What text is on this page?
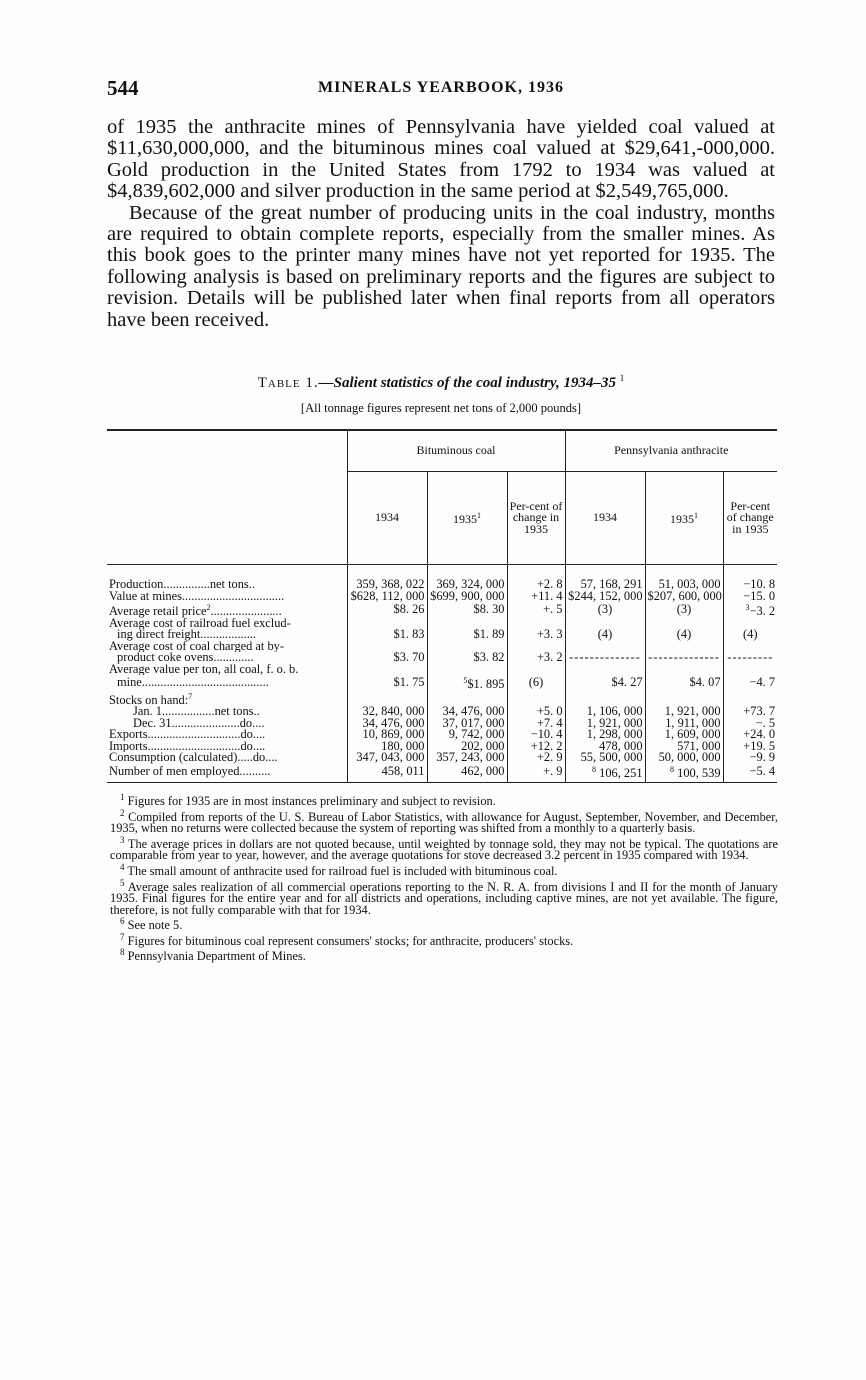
544	MINERALS YEARBOOK, 1936

of 1935 the anthracite mines of Pennsylvania have yielded coal valued at $11,630,000,000, and the bituminous mines coal valued at $29,641,-000,000. Gold production in the United States from 1792 to 1934 was valued at $4,839,602,000 and silver production in the same period at $2,549,765,000.

Because of the great number of producing units in the coal industry, months are required to obtain complete reports, especially from the smaller mines. As this book goes to the printer many mines have not yet reported for 1935. The following analysis is based on preliminary reports and the figures are subject to revision. Details will be published later when final reports from all operators have been received.

Table 1.—Salient statistics of the coal industry, 1934–35 $^1$
[All tonnage figures represent net tons of 2,000 pounds]
	Bituminous coal			Pennsylvania anthracite		
	1934	1935$^1$	Per-cent of change in 1935	1934	1935$^1$	Per-cent of change in 1935

Production...............net tons..	359, 368, 022	369, 324, 000	+2. 8	57, 168, 291	51, 003, 000	−10. 8
Value at mines.................................	$628, 112, 000	$699, 900, 000	+11. 4	$244, 152, 000	$207, 600, 000	−15. 0
Average retail price$^2$.......................	$8. 26	$8. 30	+. 5	(3)	(3)	$^3$−3. 2
Average cost of railroad fuel exclud-						
ing direct freight..................	$1. 83	$1. 89	+3. 3	(4)	(4)	(4)
Average cost of coal charged at by-						
product coke ovens.............	$3. 70	$3. 82	+3. 2	--------------	--------------	---------
Average value per ton, all coal, f. o. b.						
mine.........................................	$1. 75	$^5$\$1. 895	(6)	$4. 27	$4. 07	−4. 7
Stocks on hand:$^7$						
Jan. 1.................net tons..	32, 840, 000	34, 476, 000	+5. 0	1, 106, 000	1, 921, 000	+73. 7
Dec. 31......................do....	34, 476, 000	37, 017, 000	+7. 4	1, 921, 000	1, 911, 000	−. 5
Exports..............................do....	10, 869, 000	9, 742, 000	−10. 4	1, 298, 000	1, 609, 000	+24. 0
Imports..............................do....	180, 000	202, 000	+12. 2	478, 000	571, 000	+19. 5
Consumption (calculated).....do....	347, 043, 000	357, 243, 000	+2. 9	55, 500, 000	50, 000, 000	−9. 9
Number of men employed..........	458, 011	462, 000	+. 9	$^8$ 106, 251	$^8$ 100, 539	−5. 4

$^1$ Figures for 1935 are in most instances preliminary and subject to revision.

$^2$ Compiled from reports of the U. S. Bureau of Labor Statistics, with allowance for August, September, November, and December, 1935, when no returns were collected because the system of reporting was shifted from a monthly to a quarterly basis.

$^3$ The average prices in dollars are not quoted because, until weighted by tonnage sold, they may not be typical. The quotations are comparable from year to year, however, and the average quotations for stove decreased 3.2 percent in 1935 compared with 1934.

$^4$ The small amount of anthracite used for railroad fuel is included with bituminous coal.

$^5$ Average sales realization of all commercial operations reporting to the N. R. A. from divisions I and II for the month of January 1935. Final figures for the entire year and for all districts and operations, including captive mines, are not yet available. The figure, therefore, is not fully comparable with that for 1934.

$^6$ See note 5.

$^7$ Figures for bituminous coal represent consumers' stocks; for anthracite, producers' stocks.

$^8$ Pennsylvania Department of Mines.
